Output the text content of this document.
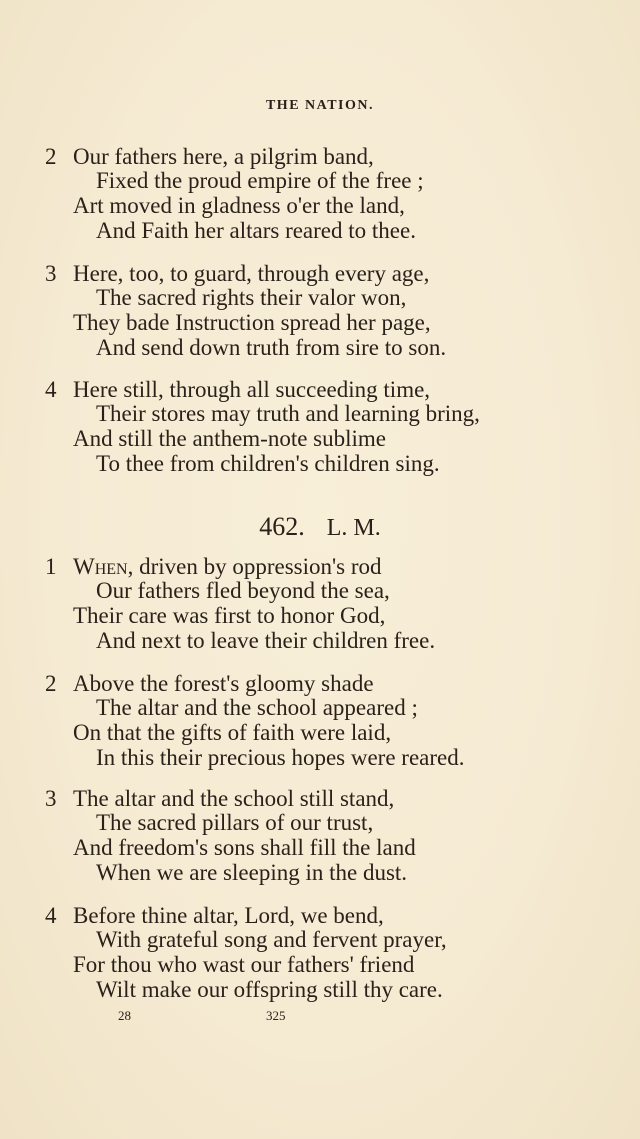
THE NATION.
2 Our fathers here, a pilgrim band,
Fixed the proud empire of the free ;
Art moved in gladness o'er the land,
And Faith her altars reared to thee.
3 Here, too, to guard, through every age,
The sacred rights their valor won,
They bade Instruction spread her page,
And send down truth from sire to son.
4 Here still, through all succeeding time,
Their stores may truth and learning bring,
And still the anthem-note sublime
To thee from children's children sing.
462. L. M.
1 When, driven by oppression's rod
Our fathers fled beyond the sea,
Their care was first to honor God,
And next to leave their children free.
2 Above the forest's gloomy shade
The altar and the school appeared ;
On that the gifts of faith were laid,
In this their precious hopes were reared.
3 The altar and the school still stand,
The sacred pillars of our trust,
And freedom's sons shall fill the land
When we are sleeping in the dust.
4 Before thine altar, Lord, we bend,
With grateful song and fervent prayer,
For thou who wast our fathers' friend
Wilt make our offspring still thy care.
28	325
